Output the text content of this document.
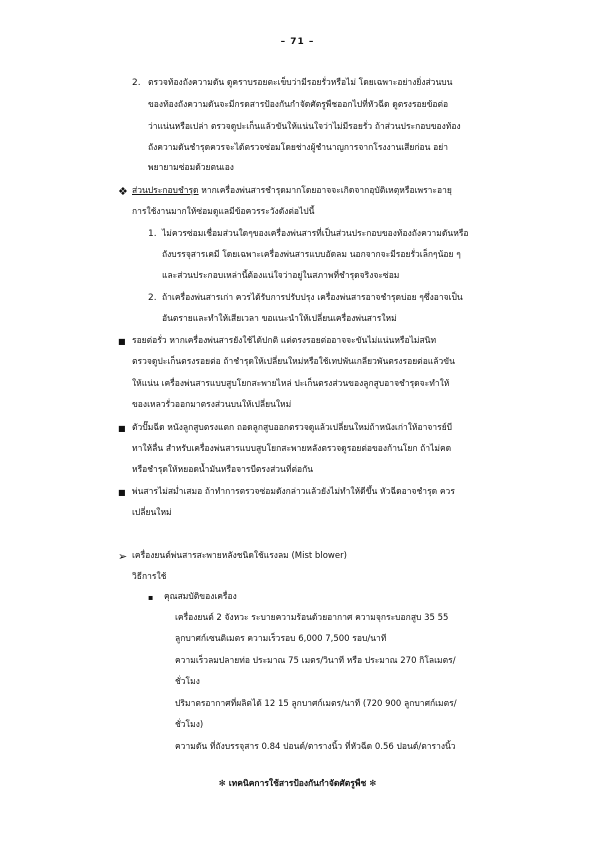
– 71 –
2. ตรวจท้องถังความดัน ดูคราบรอยตะเข็บว่ามีรอยรั่วหรือไม่ โดยเฉพาะอย่างยิ่งส่วนบน
ของท้องถังความดันจะมีกรดสารป้องกันกำจัดศัตรูพืชออกไปที่หัวฉีด ดูตรงรอยข้อต่อ
ว่าแน่นหรือเปล่า ตรวจดูปะเก็นแล้วขันให้แน่นใจว่าไม่มีรอยรั่ว ถ้าส่วนประกอบของท้อง
ถังความดันชำรุดควรจะได้ตรวจซ่อมโดยช่างผู้ชำนาญการจากโรงงานเสียก่อน อย่า
พยายามซ่อมด้วยตนเอง
❖ ส่วนประกอบชำรุด หากเครื่องพ่นสารชำรุดมากโดยอาจจะเกิดจากอุบัติเหตุหรือเพราะอายุ
การใช้งานมากให้ซ่อมดูแลมีข้อควรระวังดังต่อไปนี้
1. ไม่ควรซ่อมเชื่อมส่วนใดๆของเครื่องพ่นสารที่เป็นส่วนประกอบของท้องถังความดันหรือ
ถังบรรจุสารเคมี โดยเฉพาะเครื่องพ่นสารแบบอัดลม นอกจากจะมีรอยรั่วเล็กๆน้อย ๆ
และส่วนประกอบเหล่านี้ต้องแน่ใจว่าอยู่ในสภาพที่ชำรุดจริงจะซ่อม
2. ถ้าเครื่องพ่นสารเก่า ควรได้รับการปรับปรุง เครื่องพ่นสารอาจชำรุดบ่อย ๆซึ่งอาจเป็น
อันตรายและทำให้เสียเวลา ขอแนะนำให้เปลี่ยนเครื่องพ่นสารใหม่
■ รอยต่อรั่ว หากเครื่องพ่นสารยังใช้ได้ปกติ แต่ตรงรอยต่ออาจจะขันไม่แน่นหรือไม่สนิท
ตรวจดูปะเก็นตรงรอยต่อ ถ้าชำรุดให้เปลี่ยนใหม่หรือใช้เทปพันเกลียวพันตรงรอยต่อแล้วขัน
ให้แน่น เครื่องพ่นสารแบบสูบโยกสะพายไหล่ ปะเก็นตรงส่วนของลูกสูบอาจชำรุดจะทำให้
ของเหลวรั่วออกมาตรงส่วนบนให้เปลี่ยนใหม่
■ ตัวปั๊มฉีด หนังลูกสูบตรงแตก ถอดลูกสูบออกตรวจดูแล้วเปลี่ยนใหม่ถ้าหนังเก่าให้อาจารย์บี
ทาให้ลื่น สำหรับเครื่องพ่นสารแบบสูบโยกสะพายหลังตรวจดูรอยต่อของก้านโยก ถ้าไม่คด
หรือชำรุดให้หยอดน้ำมันหรือจารบีตรงส่วนที่ต่อกัน
■ พ่นสารไม่สม่ำเสมอ ถ้าทำการตรวจซ่อมดังกล่าวแล้วยังไม่ทำให้ดีขึ้น หัวฉีดอาจชำรุด ควร
เปลี่ยนใหม่
➢ เครื่องยนต์พ่นสารสะพายหลังชนิดใช้แรงลม (Mist blower)
วิธีการใช้
▪ คุณสมบัติของเครื่อง
เครื่องยนต์ 2 จังหวะ ระบายความร้อนด้วยอากาศ ความจุกระบอกสูบ 35 55
ลูกบาศก์เซนติเมตร ความเร็วรอบ 6,000 7,500 รอบ/นาที
ความเร็วลมปลายท่อ ประมาณ 75 เมตร/วินาที หรือ ประมาณ 270 กิโลเมตร/
ชั่วโมง
ปริมาตรอากาศที่ผลิตได้ 12 15 ลูกบาศก์เมตร/นาที (720 900 ลูกบาศก์เมตร/
ชั่วโมง)
ความดัน ที่ถังบรรจุสาร 0.84 ปอนด์/ตารางนิ้ว ที่หัวฉีด 0.56 ปอนด์/ตารางนิ้ว
✻ เทคนิคการใช้สารป้องกันกำจัดศัตรูพืช ✻
